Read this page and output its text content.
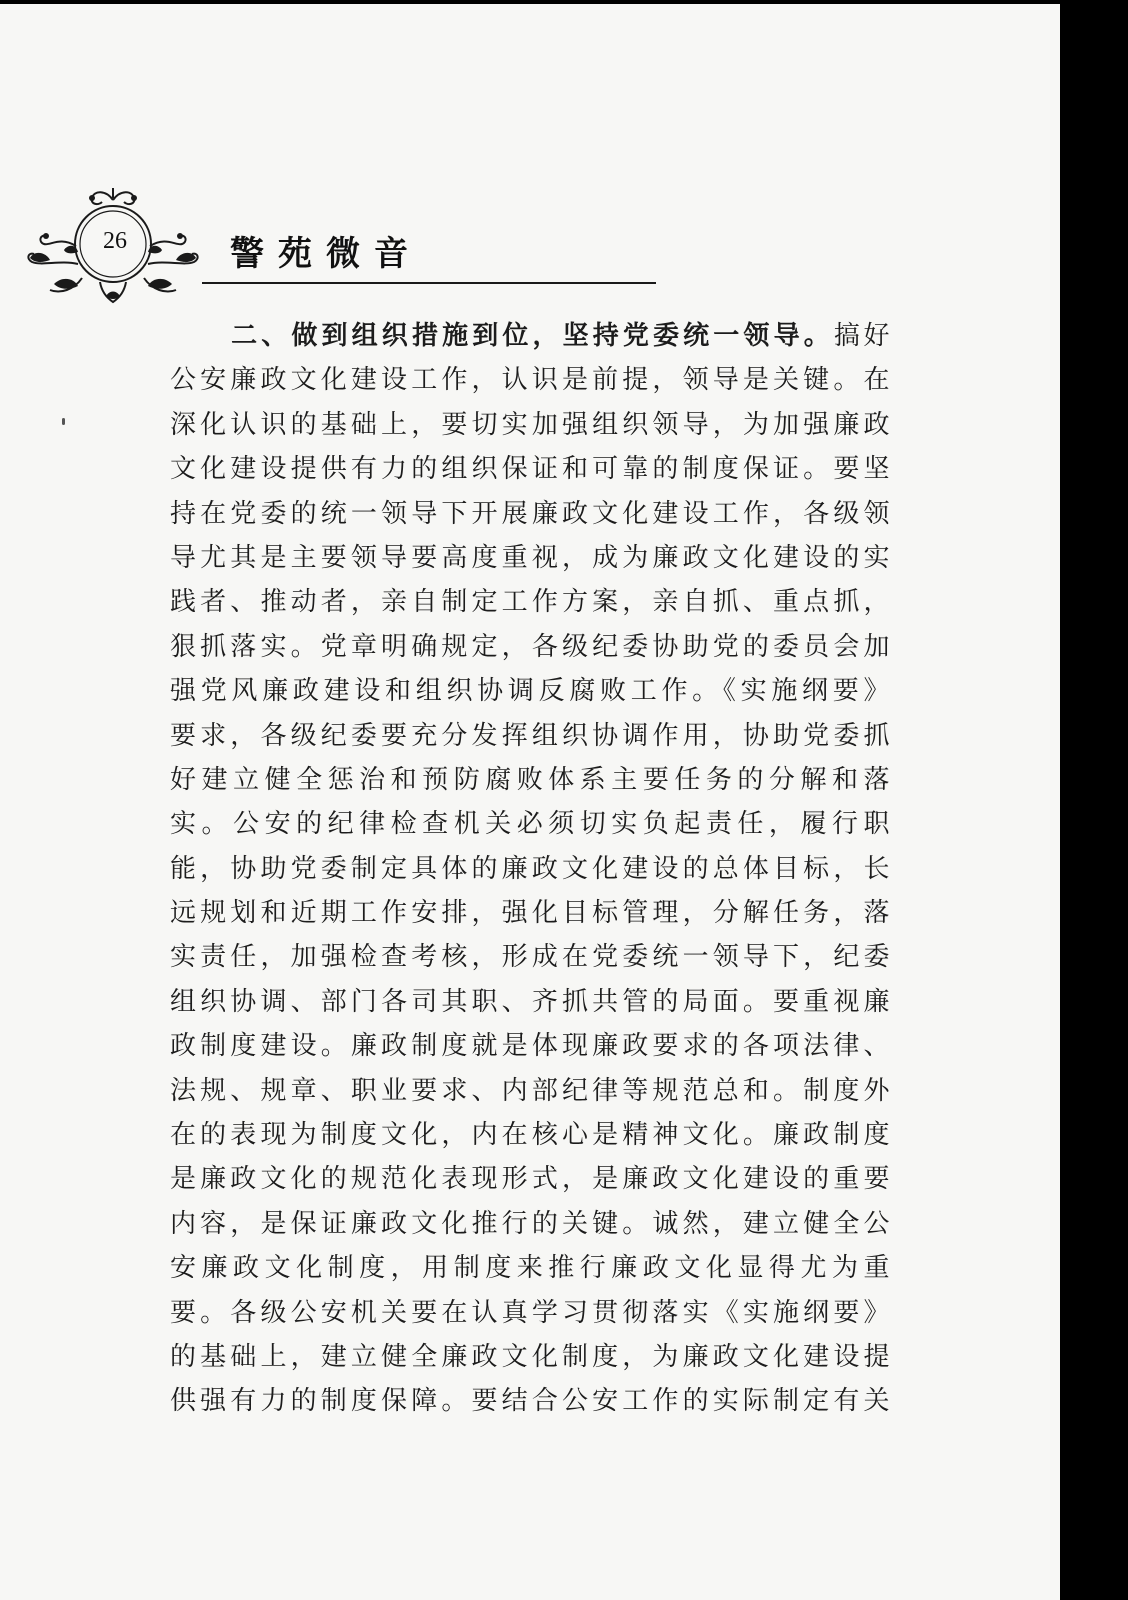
26	警苑微音
二、做到组织措施到位，坚持党委统一领导。搞好
公安廉政文化建设工作，认识是前提，领导是关键。在
深化认识的基础上，要切实加强组织领导，为加强廉政
文化建设提供有力的组织保证和可靠的制度保证。要坚
持在党委的统一领导下开展廉政文化建设工作，各级领
导尤其是主要领导要高度重视，成为廉政文化建设的实
践者、推动者，亲自制定工作方案，亲自抓、重点抓，
狠抓落实。党章明确规定，各级纪委协助党的委员会加
强党风廉政建设和组织协调反腐败工作。《实施纲要》
要求，各级纪委要充分发挥组织协调作用，协助党委抓
好建立健全惩治和预防腐败体系主要任务的分解和落
实。公安的纪律检查机关必须切实负起责任，履行职
能，协助党委制定具体的廉政文化建设的总体目标，长
远规划和近期工作安排，强化目标管理，分解任务，落
实责任，加强检查考核，形成在党委统一领导下，纪委
组织协调、部门各司其职、齐抓共管的局面。要重视廉
政制度建设。廉政制度就是体现廉政要求的各项法律、
法规、规章、职业要求、内部纪律等规范总和。制度外
在的表现为制度文化，内在核心是精神文化。廉政制度
是廉政文化的规范化表现形式，是廉政文化建设的重要
内容，是保证廉政文化推行的关键。诚然，建立健全公
安廉政文化制度，用制度来推行廉政文化显得尤为重
要。各级公安机关要在认真学习贯彻落实《实施纲要》
的基础上，建立健全廉政文化制度，为廉政文化建设提
供强有力的制度保障。要结合公安工作的实际制定有关
